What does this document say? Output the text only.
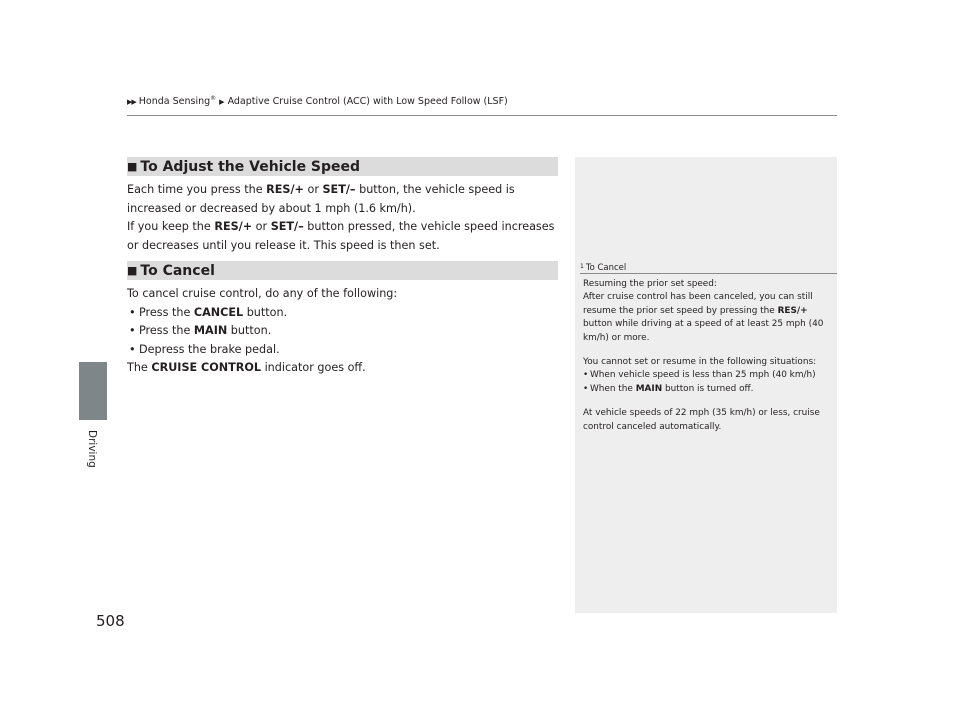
▶▶ Honda Sensing® ▶ Adaptive Cruise Control (ACC) with Low Speed Follow (LSF)
Driving
508
■ To Adjust the Vehicle Speed

Each time you press the RES/+ or SET/– button, the vehicle speed is increased or decreased by about 1 mph (1.6 km/h).

If you keep the RES/+ or SET/– button pressed, the vehicle speed increases or decreases until you release it. This speed is then set.

■ To Cancel

To cancel cruise control, do any of the following:

• Press the CANCEL button.
• Press the MAIN button.
• Depress the brake pedal.

The CRUISE CONTROL indicator goes off.

1 To Cancel

Resuming the prior set speed:

After cruise control has been canceled, you can still resume the prior set speed by pressing the RES/+ button while driving at a speed of at least 25 mph (40 km/h) or more.

You cannot set or resume in the following situations:

• When vehicle speed is less than 25 mph (40 km/h)
• When the MAIN button is turned off.

At vehicle speeds of 22 mph (35 km/h) or less, cruise control canceled automatically.
